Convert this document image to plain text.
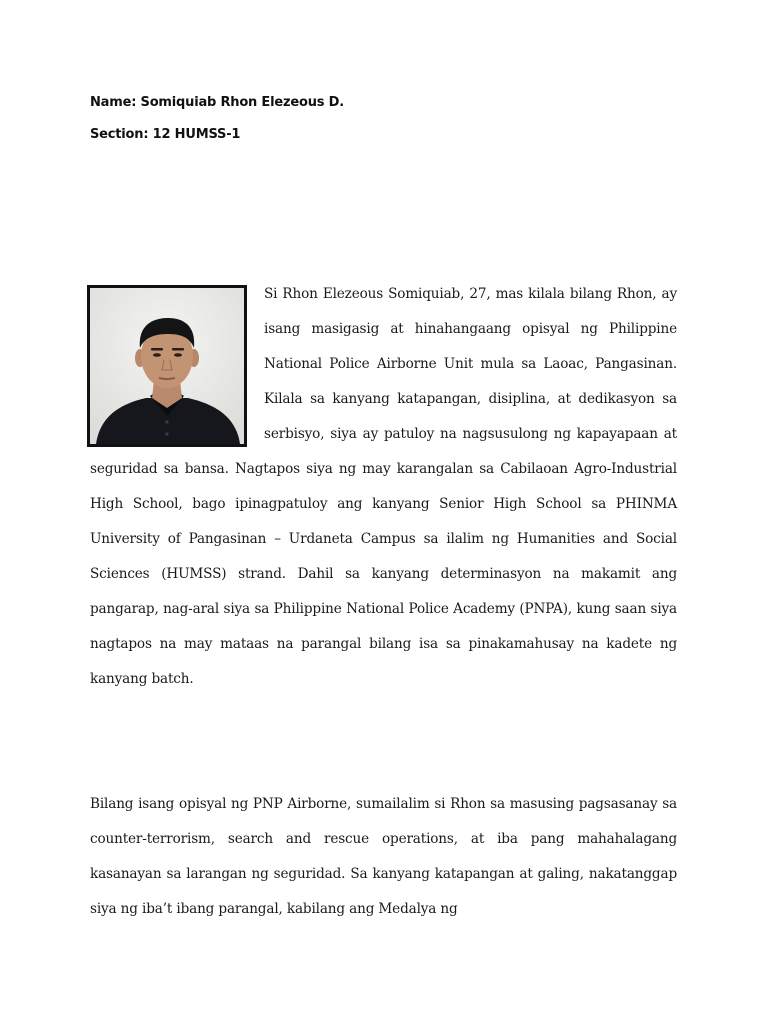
Name: Somiquiab Rhon Elezeous D.
Section: 12 HUMSS-1
Si Rhon Elezeous Somiquiab, 27, mas kilala bilang Rhon, ay isang masigasig at hinahangaang opisyal ng Philippine National Police Airborne Unit mula sa Laoac, Pangasinan. Kilala sa kanyang katapangan, disiplina, at dedikasyon sa serbisyo, siya ay patuloy na nagsusulong ng kapayapaan at seguridad sa bansa. Nagtapos siya ng may karangalan sa Cabilaoan Agro-Industrial High School, bago ipinagpatuloy ang kanyang Senior High School sa PHINMA University of Pangasinan – Urdaneta Campus sa ilalim ng Humanities and Social Sciences (HUMSS) strand. Dahil sa kanyang determinasyon na makamit ang pangarap, nag-aral siya sa Philippine National Police Academy (PNPA), kung saan siya nagtapos na may mataas na parangal bilang isa sa pinakamahusay na kadete ng kanyang batch.

Bilang isang opisyal ng PNP Airborne, sumailalim si Rhon sa masusing pagsasanay sa counter-terrorism, search and rescue operations, at iba pang mahahalagang kasanayan sa larangan ng seguridad. Sa kanyang katapangan at galing, nakatanggap siya ng iba’t ibang parangal, kabilang ang Medalya ng
